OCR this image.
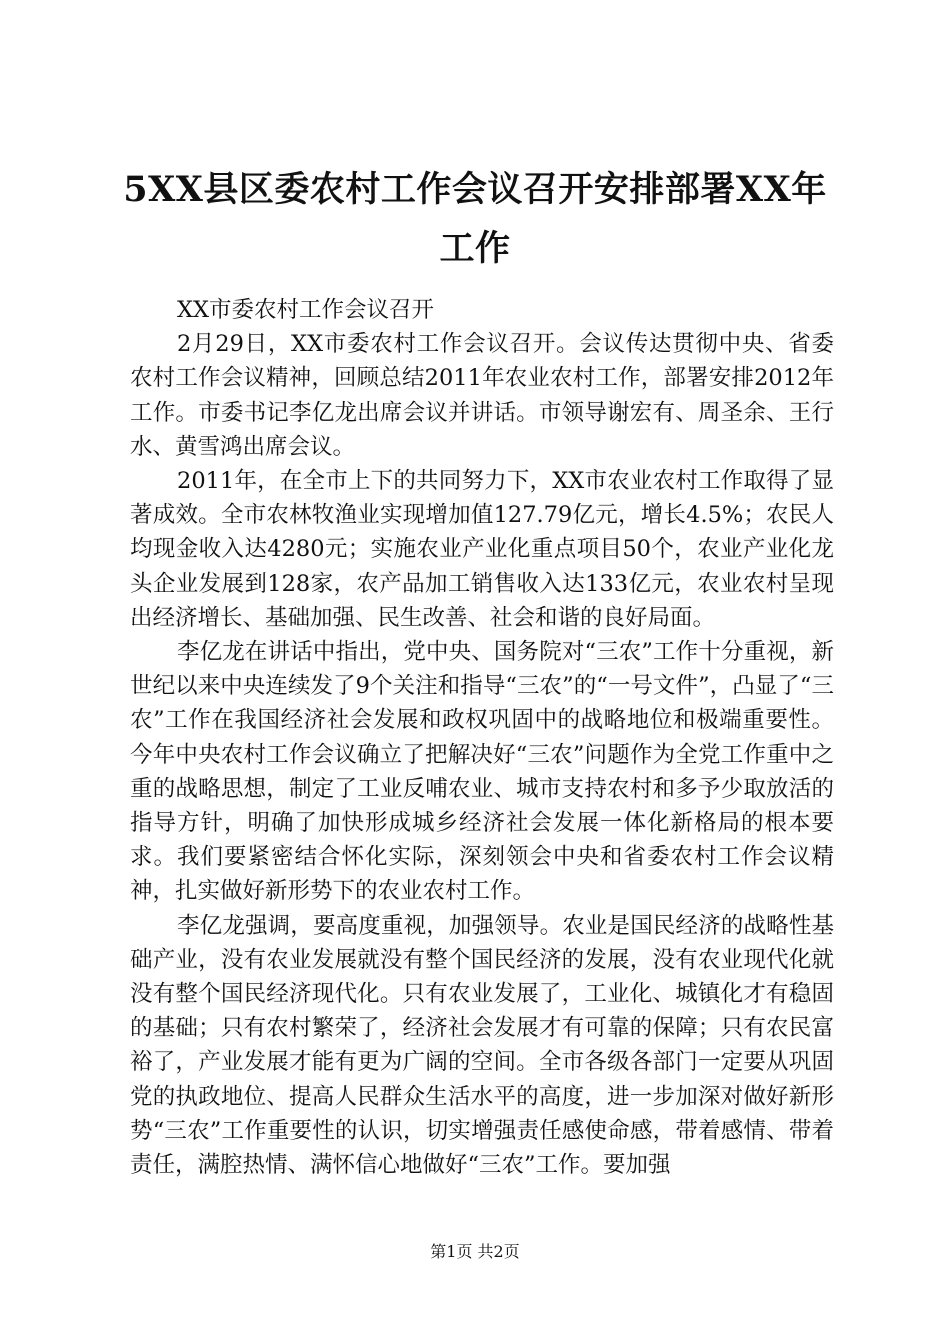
5XX县区委农村工作会议召开安排部署XX年工作

XX市委农村工作会议召开

2月29日，XX市委农村工作会议召开。会议传达贯彻中央、省委农村工作会议精神，回顾总结2011年农业农村工作，部署安排2012年工作。市委书记李亿龙出席会议并讲话。市领导谢宏有、周圣余、王行水、黄雪鸿出席会议。

2011年，在全市上下的共同努力下，XX市农业农村工作取得了显著成效。全市农林牧渔业实现增加值127.79亿元，增长4.5%；农民人均现金收入达4280元；实施农业产业化重点项目50个，农业产业化龙头企业发展到128家，农产品加工销售收入达133亿元，农业农村呈现出经济增长、基础加强、民生改善、社会和谐的良好局面。

李亿龙在讲话中指出，党中央、国务院对“三农”工作十分重视，新世纪以来中央连续发了9个关注和指导“三农”的“一号文件”，凸显了“三农”工作在我国经济社会发展和政权巩固中的战略地位和极端重要性。今年中央农村工作会议确立了把解决好“三农”问题作为全党工作重中之重的战略思想，制定了工业反哺农业、城市支持农村和多予少取放活的指导方针，明确了加快形成城乡经济社会发展一体化新格局的根本要求。我们要紧密结合怀化实际，深刻领会中央和省委农村工作会议精神，扎实做好新形势下的农业农村工作。

李亿龙强调，要高度重视，加强领导。农业是国民经济的战略性基础产业，没有农业发展就没有整个国民经济的发展，没有农业现代化就没有整个国民经济现代化。只有农业发展了，工业化、城镇化才有稳固的基础；只有农村繁荣了，经济社会发展才有可靠的保障；只有农民富裕了，产业发展才能有更为广阔的空间。全市各级各部门一定要从巩固党的执政地位、提高人民群众生活水平的高度，进一步加深对做好新形势“三农”工作重要性的认识，切实增强责任感使命感，带着感情、带着责任，满腔热情、满怀信心地做好“三农”工作。要加强

第1页 共2页
